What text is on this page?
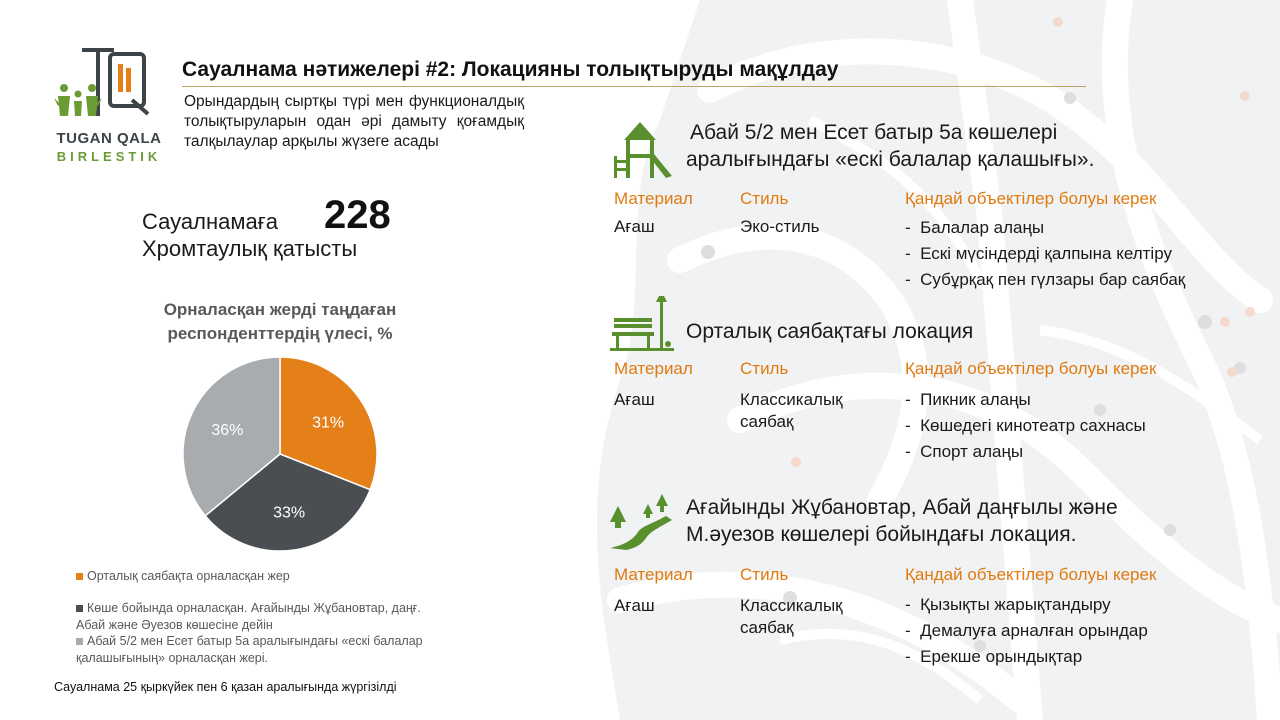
TUGAN QALA
BIRLESTIK
Сауалнама нәтижелері #2: Локацияны толықтыруды мақұлдау
Орындардың сыртқы түрі мен функционалдық толықтыруларын одан әрі дамыту қоғамдық талқылаулар арқылы жүзеге асады
Сауалнамаға 228
Хромтаулық қатысты
Орналасқан жерді таңдаған респонденттердің үлесі, %
31%
33%
36%
Орталық саябақта орналасқан жер
Көше бойында орналасқан. Ағайынды Жұбановтар, даңғ.
Абай және Әуезов көшесіне дейін
Абай 5/2 мен Есет батыр 5а аралығындағы «ескі балалар
қалашығының» орналасқан жері.
Сауалнама 25 қыркүйек пен 6 қазан аралығында жүргізілді
Абай 5/2 мен Есет батыр 5а көшелері
аралығындағы «ескі балалар қалашығы».
Материал	Стиль	Қандай объектілер болуы керек
Ағаш	Эко-стиль	-  Балалар алаңы
-  Ескі мүсіндерді қалпына келтіру
-  Субұрқақ пен гүлзары бар саябақ
Орталық саябақтағы локация
Материал	Стиль	Қандай объектілер болуы керек
Ағаш	Классикалық
саябақ
-  Пикник алаңы
-  Көшедегі кинотеатр сахнасы
-  Спорт алаңы
Ағайынды Жұбановтар, Абай даңғылы және
М.әуезов көшелері бойындағы локация.
Материал	Стиль	Қандай объектілер болуы керек
Ағаш	Классикалық
саябақ
-  Қызықты жарықтандыру
-  Демалуға арналған орындар
-  Ерекше орындықтар
